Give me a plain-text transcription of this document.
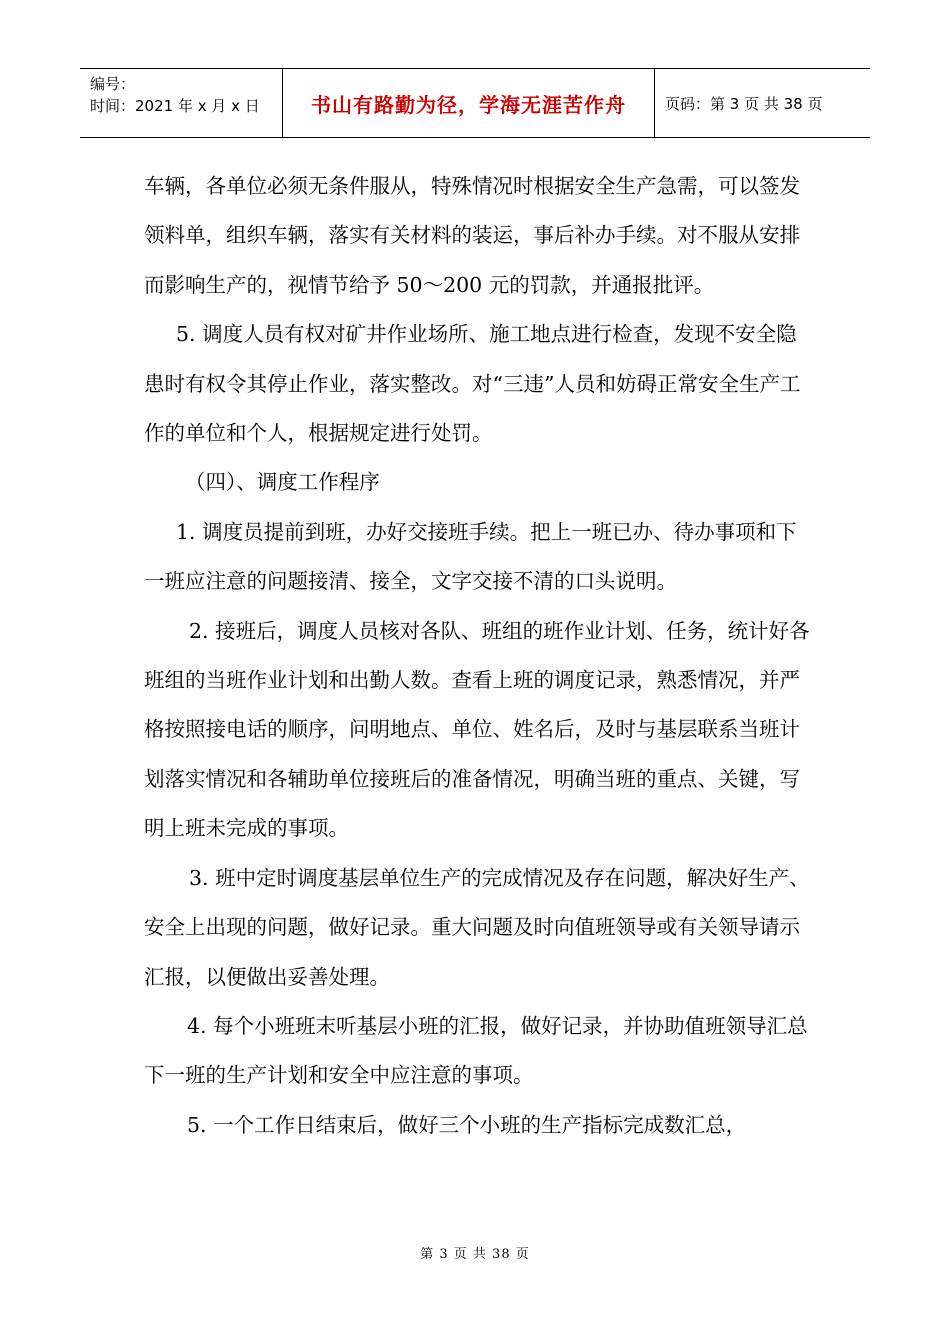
编号：
时间：2021 年 x 月 x 日	书山有路勤为径，学海无涯苦作舟	页码：第 3 页 共 38 页

车辆，各单位必须无条件服从，特殊情况时根据安全生产急需，可以签发领料单，组织车辆，落实有关材料的装运，事后补办手续。对不服从安排而影响生产的，视情节给予 50～200 元的罚款，并通报批评。

5. 调度人员有权对矿井作业场所、施工地点进行检查，发现不安全隐患时有权令其停止作业，落实整改。对“三违”人员和妨碍正常安全生产工作的单位和个人，根据规定进行处罚。

（四）、调度工作程序

1. 调度员提前到班，办好交接班手续。把上一班已办、待办事项和下一班应注意的问题接清、接全，文字交接不清的口头说明。

2. 接班后，调度人员核对各队、班组的班作业计划、任务，统计好各班组的当班作业计划和出勤人数。查看上班的调度记录，熟悉情况，并严格按照接电话的顺序，问明地点、单位、姓名后，及时与基层联系当班计划落实情况和各辅助单位接班后的准备情况，明确当班的重点、关键，写明上班未完成的事项。

3. 班中定时调度基层单位生产的完成情况及存在问题，解决好生产、安全上出现的问题，做好记录。重大问题及时向值班领导或有关领导请示汇报，以便做出妥善处理。

4. 每个小班班末听基层小班的汇报，做好记录，并协助值班领导汇总下一班的生产计划和安全中应注意的事项。

5. 一个工作日结束后，做好三个小班的生产指标完成数汇总，

第 3 页 共 38 页
